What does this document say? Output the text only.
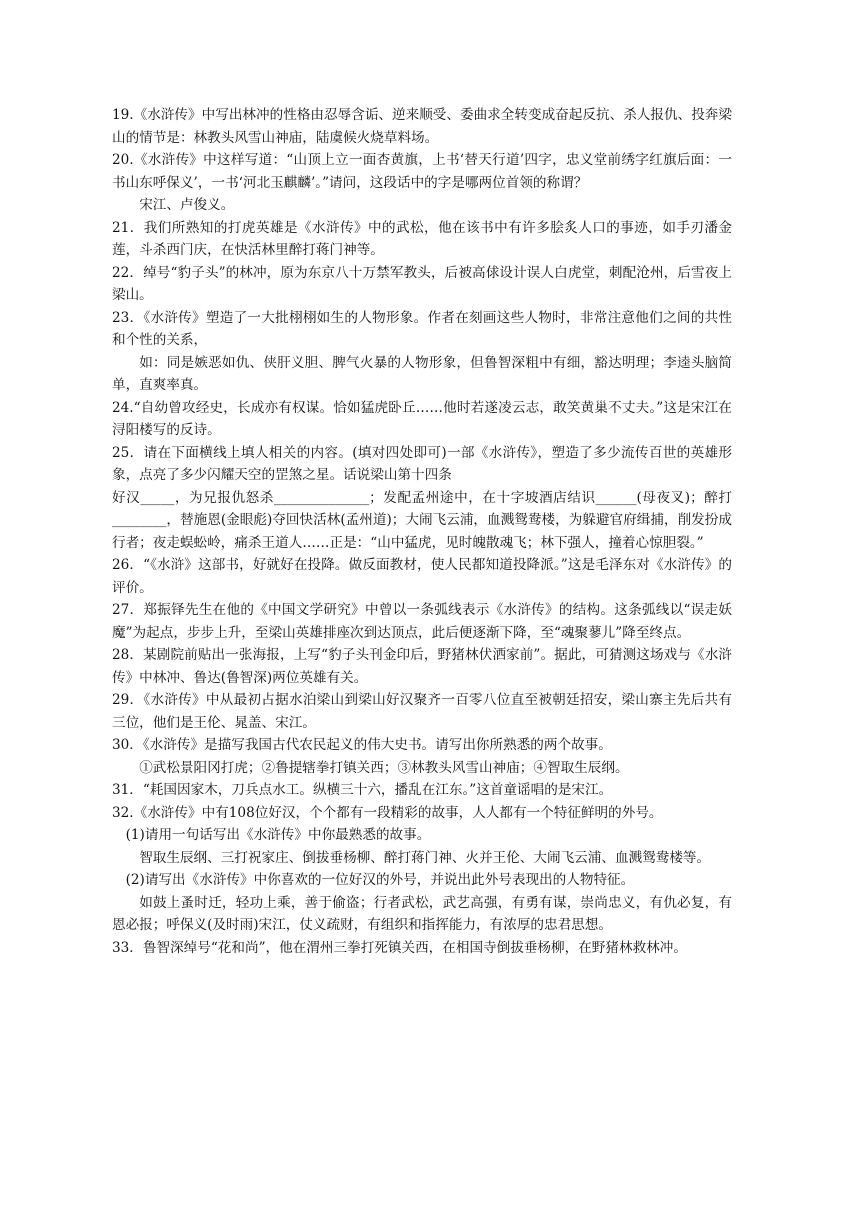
19.《水浒传》中写出林冲的性格由忍辱含诟、逆来顺受、委曲求全转变成奋起反抗、杀人报仇、投奔梁山的情节是：林教头风雪山神庙，陆虞候火烧草料场。

20.《水浒传》中这样写道：“山顶上立一面杏黄旗，上书‘替天行道’四字，忠义堂前绣字红旗后面：一书山东呼保义’，一书‘河北玉麒麟’。”请问，这段话中的字是哪两位首领的称谓？

宋江、卢俊义。

21．我们所熟知的打虎英雄是《水浒传》中的武松，他在该书中有许多脍炙人口的事迹，如手刃潘金莲，斗杀西门庆，在快活林里醉打蒋门神等。

22．绰号“豹子头”的林冲，原为东京八十万禁军教头，后被高俅设计误人白虎堂，刺配沧州，后雪夜上梁山。

23．《水浒传》塑造了一大批栩栩如生的人物形象。作者在刻画这些人物时，非常注意他们之间的共性和个性的关系，

如：同是嫉恶如仇、侠肝义胆、脾气火暴的人物形象，但鲁智深粗中有细，豁达明理；李逵头脑简单，直爽率真。

24.“自幼曾攻经史，长成亦有权谋。恰如猛虎卧丘……他时若遂凌云志，敢笑黄巢不丈夫。”这是宋江在浔阳楼写的反诗。

25．请在下面横线上填人相关的内容。(填对四处即可)一部《水浒传》，塑造了多少流传百世的英雄形象，点亮了多少闪耀天空的罡煞之星。话说梁山第十四条

好汉_____，为兄报仇怒杀______________；发配孟州途中，在十字坡酒店结识______(母夜叉)；醉打________，替施恩(金眼彪)夺回快活林(孟州道)；大闹飞云浦，血溅鸳鸯楼，为躲避官府缉捕，削发扮成行者；夜走蜈蚣岭，痛杀王道人……正是：“山中猛虎，见时魄散魂飞；林下强人，撞着心惊胆裂。”

26．“《水浒》这部书，好就好在投降。做反面教材，使人民都知道投降派。”这是毛泽东对《水浒传》的评价。

27．郑振铎先生在他的《中国文学研究》中曾以一条弧线表示《水浒传》的结构。这条弧线以“误走妖魔”为起点，步步上升，至梁山英雄排座次到达顶点，此后便逐渐下降，至“魂聚蓼儿”降至终点。

28．某剧院前贴出一张海报，上写“豹子头刊金印后，野猪林伏洒家前”。据此，可猜测这场戏与《水浒传》中林冲、鲁达(鲁智深)两位英雄有关。

29．《水浒传》中从最初占据水泊梁山到梁山好汉聚齐一百零八位直至被朝廷招安，梁山寨主先后共有三位，他们是王伦、晁盖、宋江。

30．《水浒传》是描写我国古代农民起义的伟大史书。请写出你所熟悉的两个故事。

①武松景阳冈打虎；②鲁提辖拳打镇关西；③林教头风雪山神庙；④智取生辰纲。

31．“耗国因家木，刀兵点水工。纵横三十六，播乱在江东。”这首童谣唱的是宋江。

32.《水浒传》中有108位好汉，个个都有一段精彩的故事，人人都有一个特征鲜明的外号。

(1)请用一句话写出《水浒传》中你最熟悉的故事。

智取生辰纲、三打祝家庄、倒拔垂杨柳、醉打蒋门神、火并王伦、大闹飞云浦、血溅鸳鸯楼等。

(2)请写出《水浒传》中你喜欢的一位好汉的外号，并说出此外号表现出的人物特征。

如鼓上蚤时迁，轻功上乘，善于偷盗；行者武松，武艺高强，有勇有谋，崇尚忠义，有仇必复，有恩必报；呼保义(及时雨)宋江，仗义疏财，有组织和指挥能力，有浓厚的忠君思想。

33．鲁智深绰号“花和尚”，他在渭州三拳打死镇关西，在相国寺倒拔垂杨柳，在野猪林救林冲。
